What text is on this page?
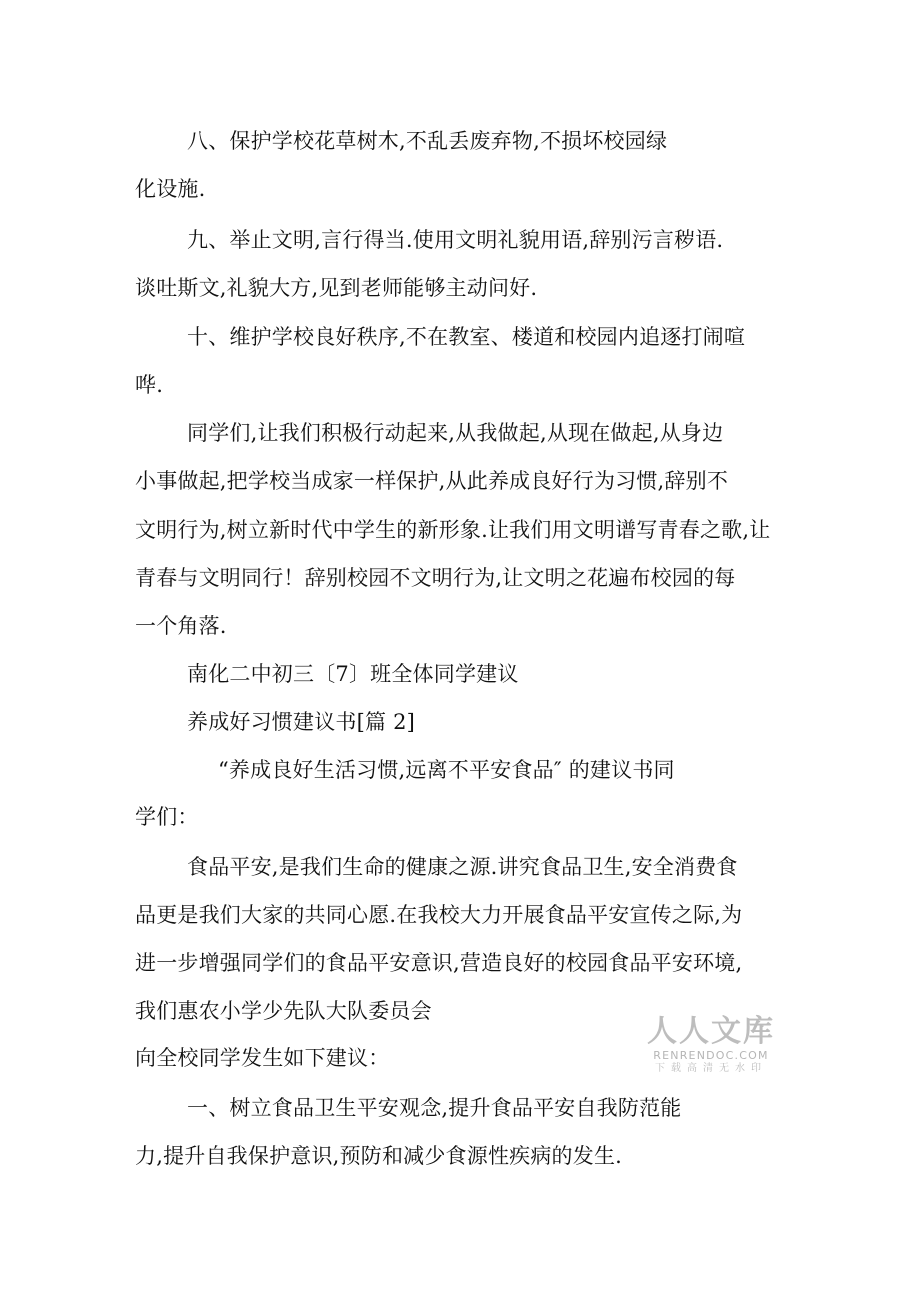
八、保护学校花草树木,不乱丢废弃物,不损坏校园绿
化设施.
九、举止文明,言行得当.使用文明礼貌用语,辞别污言秽语.
谈吐斯文,礼貌大方,见到老师能够主动问好.
十、维护学校良好秩序,不在教室、楼道和校园内追逐打闹喧
哗.
同学们,让我们积极行动起来,从我做起,从现在做起,从身边
小事做起,把学校当成家一样保护,从此养成良好行为习惯,辞别不
文明行为,树立新时代中学生的新形象.让我们用文明谱写青春之歌,让
青春与文明同行！辞别校园不文明行为,让文明之花遍布校园的每
一个角落.
南化二中初三〔7〕班全体同学建议
养成好习惯建议书[篇 2]
“养成良好生活习惯,远离不平安食品″ 的建议书同
学们：
食品平安,是我们生命的健康之源.讲究食品卫生,安全消费食
品更是我们大家的共同心愿.在我校大力开展食品平安宣传之际,为
进一步增强同学们的食品平安意识,营造良好的校园食品平安环境,
我们惠农小学少先队大队委员会
向全校同学发生如下建议：
一、树立食品卫生平安观念,提升食品平安自我防范能
力,提升自我保护意识,预防和减少食源性疾病的发生.
人人文库
RENRENDOC.COM
下载高清无水印
